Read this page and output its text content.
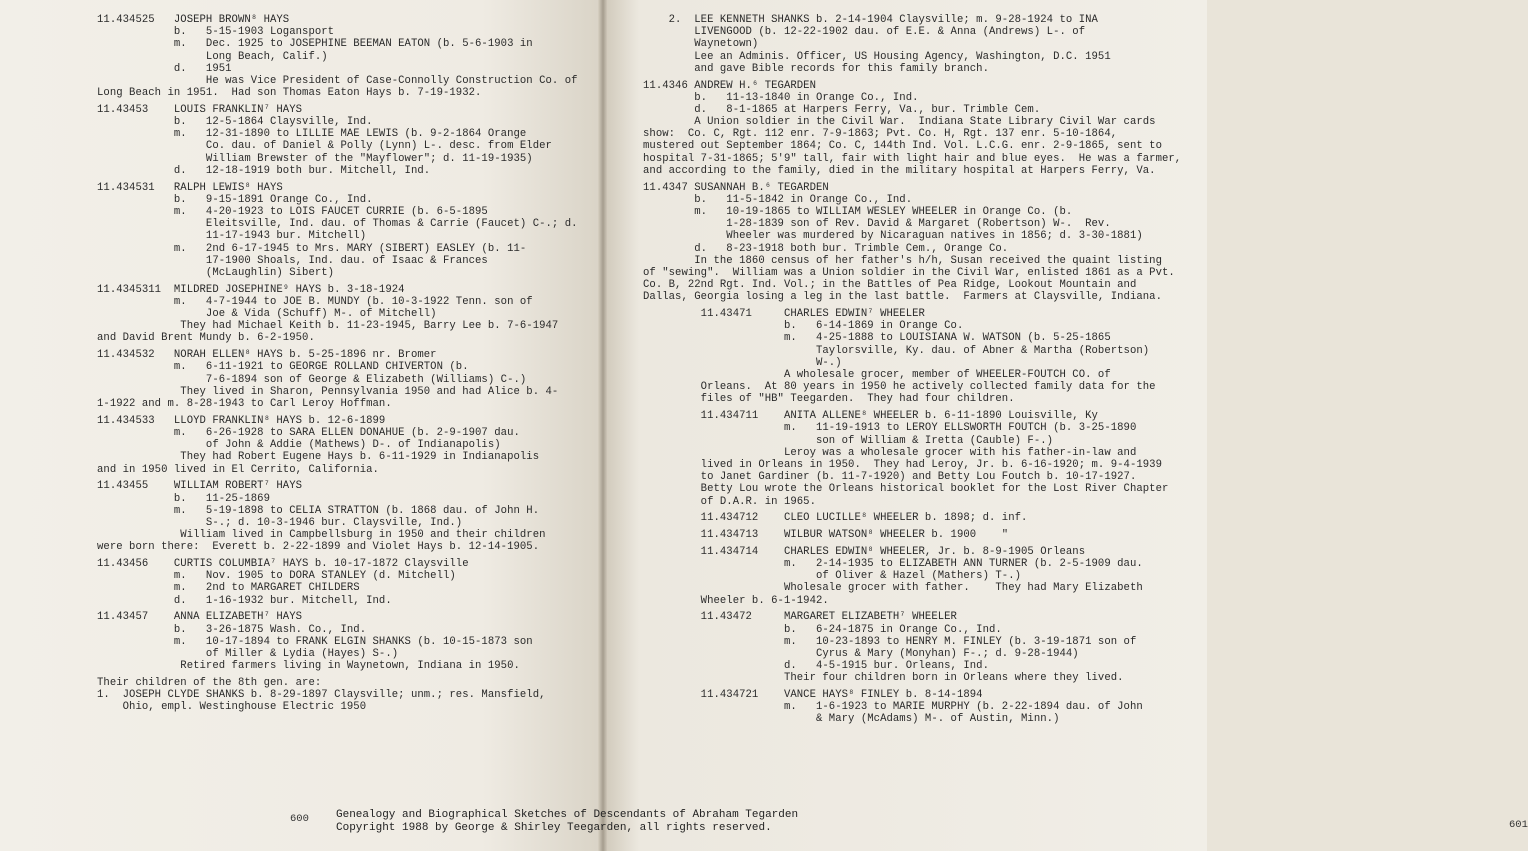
11.434525   JOSEPH BROWN⁸ HAYS
b.   5-15-1903 Logansport
m.   Dec. 1925 to JOSEPHINE BEEMAN EATON (b. 5-6-1903 in
Long Beach, Calif.)
d.   1951
He was Vice President of Case-Connolly Construction Co. of
Long Beach in 1951.  Had son Thomas Eaton Hays b. 7-19-1932.
11.43453    LOUIS FRANKLIN⁷ HAYS
b.   12-5-1864 Claysville, Ind.
m.   12-31-1890 to LILLIE MAE LEWIS (b. 9-2-1864 Orange
Co. dau. of Daniel & Polly (Lynn) L-. desc. from Elder
William Brewster of the "Mayflower"; d. 11-19-1935)
d.   12-18-1919 both bur. Mitchell, Ind.
11.434531   RALPH LEWIS⁸ HAYS
b.   9-15-1891 Orange Co., Ind.
m.   4-20-1923 to LOIS FAUCET CURRIE (b. 6-5-1895
Eleitsville, Ind. dau. of Thomas & Carrie (Faucet) C-.; d.
11-17-1943 bur. Mitchell)
m.   2nd 6-17-1945 to Mrs. MARY (SIBERT) EASLEY (b. 11-
17-1900 Shoals, Ind. dau. of Isaac & Frances
(McLaughlin) Sibert)
11.4345311  MILDRED JOSEPHINE⁹ HAYS b. 3-18-1924
m.   4-7-1944 to JOE B. MUNDY (b. 10-3-1922 Tenn. son of
Joe & Vida (Schuff) M-. of Mitchell)
They had Michael Keith b. 11-23-1945, Barry Lee b. 7-6-1947
and David Brent Mundy b. 6-2-1950.
11.434532   NORAH ELLEN⁸ HAYS b. 5-25-1896 nr. Bromer
m.   6-11-1921 to GEORGE ROLLAND CHIVERTON (b.
7-6-1894 son of George & Elizabeth (Williams) C-.)
They lived in Sharon, Pennsylvania 1950 and had Alice b. 4-
1-1922 and m. 8-28-1943 to Carl Leroy Hoffman.
11.434533   LLOYD FRANKLIN⁸ HAYS b. 12-6-1899
m.   6-26-1928 to SARA ELLEN DONAHUE (b. 2-9-1907 dau.
of John & Addie (Mathews) D-. of Indianapolis)
They had Robert Eugene Hays b. 6-11-1929 in Indianapolis
and in 1950 lived in El Cerrito, California.
11.43455    WILLIAM ROBERT⁷ HAYS
b.   11-25-1869
m.   5-19-1898 to CELIA STRATTON (b. 1868 dau. of John H.
S-.; d. 10-3-1946 bur. Claysville, Ind.)
William lived in Campbellsburg in 1950 and their children
were born there:  Everett b. 2-22-1899 and Violet Hays b. 12-14-1905.
11.43456    CURTIS COLUMBIA⁷ HAYS b. 10-17-1872 Claysville
m.   Nov. 1905 to DORA STANLEY (d. Mitchell)
m.   2nd to MARGARET CHILDERS
d.   1-16-1932 bur. Mitchell, Ind.
11.43457    ANNA ELIZABETH⁷ HAYS
b.   3-26-1875 Wash. Co., Ind.
m.   10-17-1894 to FRANK ELGIN SHANKS (b. 10-15-1873 son
of Miller & Lydia (Hayes) S-.)
Retired farmers living in Waynetown, Indiana in 1950.
Their children of the 8th gen. are:
1.  JOSEPH CLYDE SHANKS b. 8-29-1897 Claysville; unm.; res. Mansfield,
Ohio, empl. Westinghouse Electric 1950
600
2.  LEE KENNETH SHANKS b. 2-14-1904 Claysville; m. 9-28-1924 to INA
LIVENGOOD (b. 12-22-1902 dau. of E.E. & Anna (Andrews) L-. of
Waynetown)
Lee an Adminis. Officer, US Housing Agency, Washington, D.C. 1951
and gave Bible records for this family branch.
11.4346 ANDREW H.⁶ TEGARDEN
b.   11-13-1840 in Orange Co., Ind.
d.   8-1-1865 at Harpers Ferry, Va., bur. Trimble Cem.
A Union soldier in the Civil War.  Indiana State Library Civil War cards
show:  Co. C, Rgt. 112 enr. 7-9-1863; Pvt. Co. H, Rgt. 137 enr. 5-10-1864,
mustered out September 1864; Co. C, 144th Ind. Vol. L.C.G. enr. 2-9-1865, sent to
hospital 7-31-1865; 5'9" tall, fair with light hair and blue eyes.  He was a farmer,
and according to the family, died in the military hospital at Harpers Ferry, Va.
11.4347 SUSANNAH B.⁶ TEGARDEN
b.   11-5-1842 in Orange Co., Ind.
m.   10-19-1865 to WILLIAM WESLEY WHEELER in Orange Co. (b.
1-28-1839 son of Rev. David & Margaret (Robertson) W-.  Rev.
Wheeler was murdered by Nicaraguan natives in 1856; d. 3-30-1881)
d.   8-23-1918 both bur. Trimble Cem., Orange Co.
In the 1860 census of her father's h/h, Susan received the quaint listing
of "sewing".  William was a Union soldier in the Civil War, enlisted 1861 as a Pvt.
Co. B, 22nd Rgt. Ind. Vol.; in the Battles of Pea Ridge, Lookout Mountain and
Dallas, Georgia losing a leg in the last battle.  Farmers at Claysville, Indiana.
11.43471     CHARLES EDWIN⁷ WHEELER
b.   6-14-1869 in Orange Co.
m.   4-25-1888 to LOUISIANA W. WATSON (b. 5-25-1865
Taylorsville, Ky. dau. of Abner & Martha (Robertson)
W-.)
A wholesale grocer, member of WHEELER-FOUTCH CO. of
Orleans.  At 80 years in 1950 he actively collected family data for the
files of "HB" Teegarden.  They had four children.
11.434711    ANITA ALLENE⁸ WHEELER b. 6-11-1890 Louisville, Ky
m.   11-19-1913 to LEROY ELLSWORTH FOUTCH (b. 3-25-1890
son of William & Iretta (Cauble) F-.)
Leroy was a wholesale grocer with his father-in-law and
lived in Orleans in 1950.  They had Leroy, Jr. b. 6-16-1920; m. 9-4-1939
to Janet Gardiner (b. 11-7-1920) and Betty Lou Foutch b. 10-17-1927.
Betty Lou wrote the Orleans historical booklet for the Lost River Chapter
of D.A.R. in 1965.
11.434712    CLEO LUCILLE⁸ WHEELER b. 1898; d. inf.
11.434713    WILBUR WATSON⁸ WHEELER b. 1900    "
11.434714    CHARLES EDWIN⁸ WHEELER, Jr. b. 8-9-1905 Orleans
m.   2-14-1935 to ELIZABETH ANN TURNER (b. 2-5-1909 dau.
of Oliver & Hazel (Mathers) T-.)
Wholesale grocer with father.    They had Mary Elizabeth
Wheeler b. 6-1-1942.
11.43472     MARGARET ELIZABETH⁷ WHEELER
b.   6-24-1875 in Orange Co., Ind.
m.   10-23-1893 to HENRY M. FINLEY (b. 3-19-1871 son of
Cyrus & Mary (Monyhan) F-.; d. 9-28-1944)
d.   4-5-1915 bur. Orleans, Ind.
Their four children born in Orleans where they lived.
11.434721    VANCE HAYS⁸ FINLEY b. 8-14-1894
m.   1-6-1923 to MARIE MURPHY (b. 2-22-1894 dau. of John
& Mary (McAdams) M-. of Austin, Minn.)
601
Genealogy and Biographical Sketches of Descendants of Abraham Tegarden
Copyright 1988 by George & Shirley Teegarden, all rights reserved.
